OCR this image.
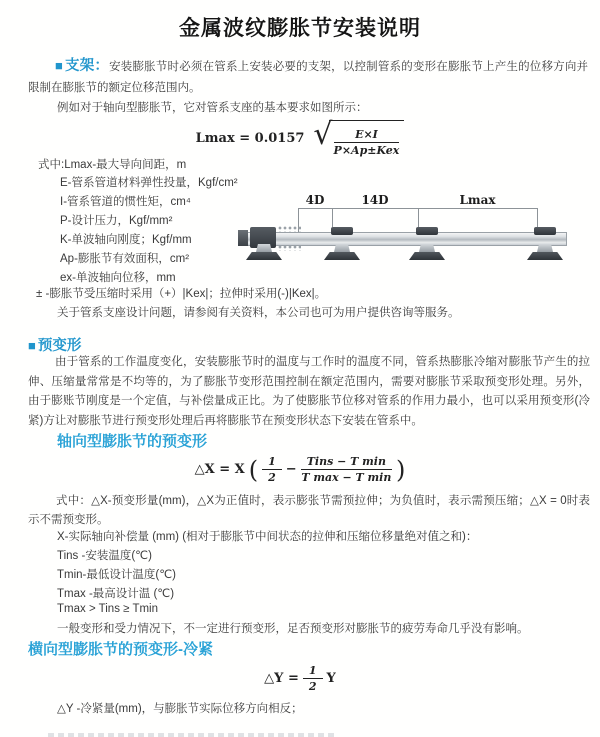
金属波纹膨胀节安装说明
■ 支架：安装膨胀节时必须在管系上安装必要的支架，以控制管系的变形在膨胀节上产生的位移方向并限制在膨胀节的额定位移范围内。
例如对于轴向型膨胀节，它对管系支座的基本要求如图所示：
Lmax = 0.0157 √ $\frac{E\times I}{\text{P×Ap±Kex}}$
式中:Lmax-最大导向间距，m
E-管系管道材料弹性投量，Kgf/cm²
I-管系管道的惯性矩，cm⁴
P-设计压力，Kgf/mm²
K-单波轴向刚度；Kgf/mm
Ap-膨胀节有效面积，cm²
ex-单波轴向位移，mm
± -膨胀节受压缩时采用（+）|Kex|；拉伸时采用(-)|Kex|。
关于管系支座设计问题，请参阅有关资料，本公司也可为用户提供咨询等服务。
4D	14D	Lmax
■ 预变形
由于管系的工作温度变化，安装膨胀节时的温度与工作时的温度不同，管系热膨胀冷缩对膨胀节产生的拉伸、压缩量常常是不均等的，为了膨胀节变形范围控制在额定范围内，需要对膨胀节采取预变形处理。另外，由于膨账节刚度是一个定值，与补偿量成正比。为了使膨胀节位移对管系的作用力最小，也可以采用预变形(冷紧)方让对膨胀节进行预变形处理后再将膨胀节在预变形状态下安装在管系中。
轴向型膨胀节的预变形
△X = X ( $\frac{1}{2} - \frac{\text{Tins − T min}}{\text{T max − T min}}$ )
式中：△X-预变形量(mm)，△X为正值时，表示膨张节需预拉伸；为负值时，表示需预压缩；△X = 0时表示不需预变形。
X-实际轴向补偿量 (mm) (相对于膨胀节中间状态的拉伸和压缩位移量绝对值之和)：
Tins -安装温度(℃)
Tmin-最低设计温度(℃)
Tmax -最高设计温 (℃)
Tmax > Tins ≥ Tmin
一般变形和受力情况下，不一定进行预变形，足否预变形对膨胀节的疲劳寿命几乎没有影响。
横向型膨胀节的预变形-冷紧
△Y = $\frac{1}{2}$ Y
△Y -冷紧量(mm)，与膨胀节实际位移方向相反；
